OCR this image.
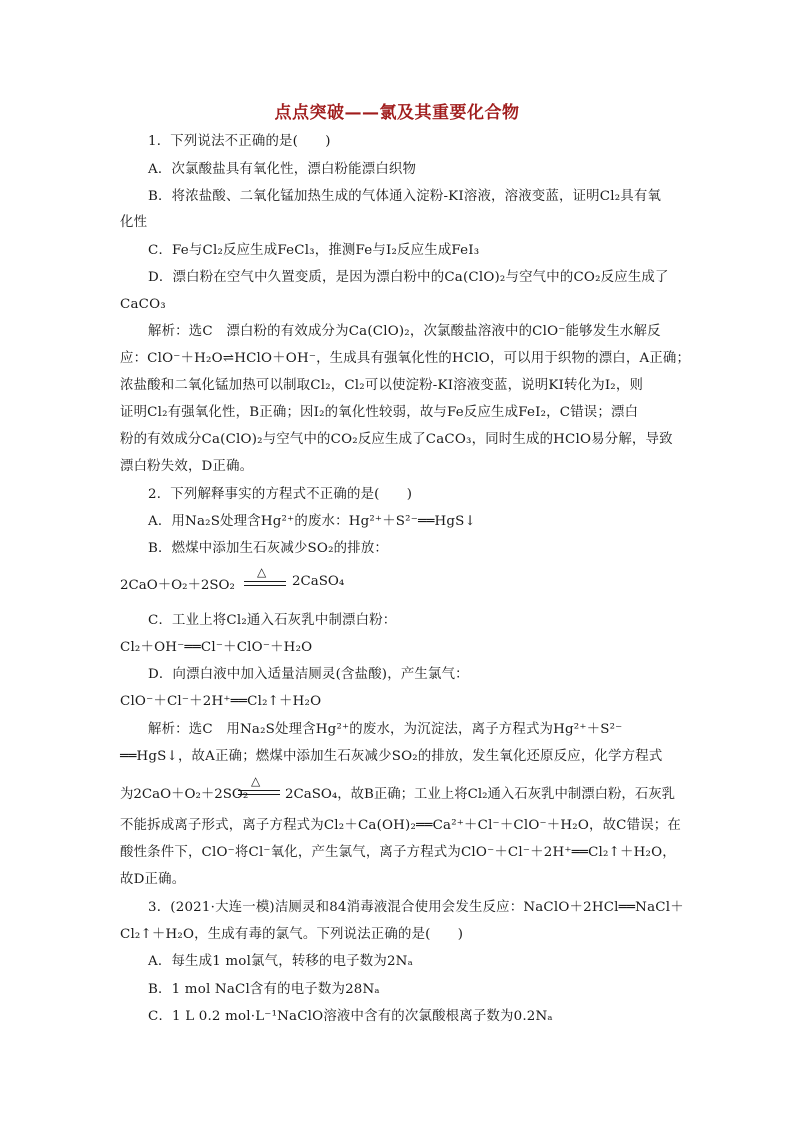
点点突破——氯及其重要化合物
1．下列说法不正确的是(　　)
A．次氯酸盐具有氧化性，漂白粉能漂白织物
B．将浓盐酸、二氧化锰加热生成的气体通入淀粉-KI溶液，溶液变蓝，证明Cl₂具有氧
化性
C．Fe与Cl₂反应生成FeCl₃，推测Fe与I₂反应生成FeI₃
D．漂白粉在空气中久置变质，是因为漂白粉中的Ca(ClO)₂与空气中的CO₂反应生成了
CaCO₃
解析：选C　漂白粉的有效成分为Ca(ClO)₂，次氯酸盐溶液中的ClO⁻能够发生水解反
应：ClO⁻＋H₂O⇌HClO＋OH⁻，生成具有强氧化性的HClO，可以用于织物的漂白，A正确；
浓盐酸和二氧化锰加热可以制取Cl₂，Cl₂可以使淀粉-KI溶液变蓝，说明KI转化为I₂，则
证明Cl₂有强氧化性，B正确；因I₂的氧化性较弱，故与Fe反应生成FeI₂，C错误；漂白
粉的有效成分Ca(ClO)₂与空气中的CO₂反应生成了CaCO₃，同时生成的HClO易分解，导致
漂白粉失效，D正确。
2．下列解释事实的方程式不正确的是(　　)
A．用Na₂S处理含Hg²⁺的废水：Hg²⁺＋S²⁻══HgS↓
B．燃煤中添加生石灰减少SO₂的排放：
2CaO＋O₂＋2SO₂
△
2CaSO₄
C．工业上将Cl₂通入石灰乳中制漂白粉：
Cl₂＋OH⁻══Cl⁻＋ClO⁻＋H₂O
D．向漂白液中加入适量洁厕灵(含盐酸)，产生氯气：
ClO⁻＋Cl⁻＋2H⁺══Cl₂↑＋H₂O
解析：选C　用Na₂S处理含Hg²⁺的废水，为沉淀法，离子方程式为Hg²⁺＋S²⁻
══HgS↓，故A正确；燃煤中添加生石灰减少SO₂的排放，发生氧化还原反应，化学方程式
为2CaO＋O₂＋2SO₂
△
2CaSO₄，故B正确；工业上将Cl₂通入石灰乳中制漂白粉，石灰乳
不能拆成离子形式，离子方程式为Cl₂＋Ca(OH)₂══Ca²⁺＋Cl⁻＋ClO⁻＋H₂O，故C错误；在
酸性条件下，ClO⁻将Cl⁻氧化，产生氯气，离子方程式为ClO⁻＋Cl⁻＋2H⁺══Cl₂↑＋H₂O，
故D正确。
3．(2021·大连一模)洁厕灵和84消毒液混合使用会发生反应：NaClO＋2HCl══NaCl＋
Cl₂↑＋H₂O，生成有毒的氯气。下列说法正确的是(　　)
A．每生成1 mol氯气，转移的电子数为2Nₐ
B．1 mol NaCl含有的电子数为28Nₐ
C．1 L 0.2 mol·L⁻¹NaClO溶液中含有的次氯酸根离子数为0.2Nₐ
